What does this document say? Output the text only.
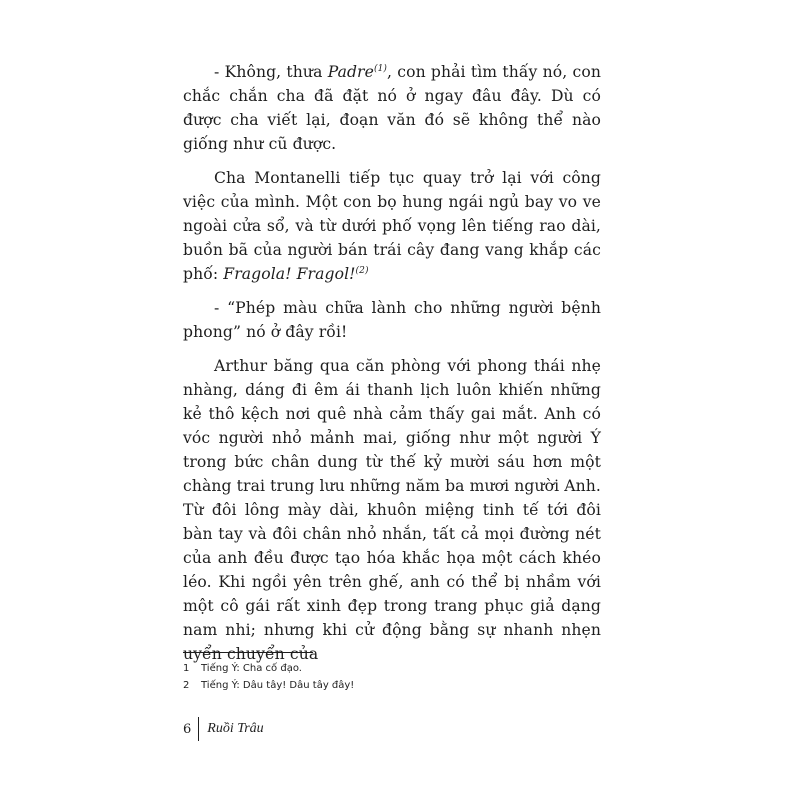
- Không, thưa Padre$^{(1)}$, con phải tìm thấy nó, con chắc chắn cha đã đặt nó ở ngay đâu đây. Dù có được cha viết lại, đoạn văn đó sẽ không thể nào giống như cũ được.

Cha Montanelli tiếp tục quay trở lại với công việc của mình. Một con bọ hung ngái ngủ bay vo ve ngoài cửa sổ, và từ dưới phố vọng lên tiếng rao dài, buồn bã của người bán trái cây đang vang khắp các phố: Fragola! Fragol!$^{(2)}$

- “Phép màu chữa lành cho những người bệnh phong” nó ở đây rồi!

Arthur băng qua căn phòng với phong thái nhẹ nhàng, dáng đi êm ái thanh lịch luôn khiến những kẻ thô kệch nơi quê nhà cảm thấy gai mắt. Anh có vóc người nhỏ mảnh mai, giống như một người Ý trong bức chân dung từ thế kỷ mười sáu hơn một chàng trai trung lưu những năm ba mươi người Anh. Từ đôi lông mày dài, khuôn miệng tinh tế tới đôi bàn tay và đôi chân nhỏ nhắn, tất cả mọi đường nét của anh đều được tạo hóa khắc họa một cách khéo léo. Khi ngồi yên trên ghế, anh có thể bị nhầm với một cô gái rất xinh đẹp trong trang phục giả dạng nam nhi; nhưng khi cử động bằng sự nhanh nhẹn uyển chuyển của

1	Tiếng Ý: Cha cố đạo.
2	Tiếng Ý: Dâu tây! Dâu tây đây!
6 Ruồi Trâu
